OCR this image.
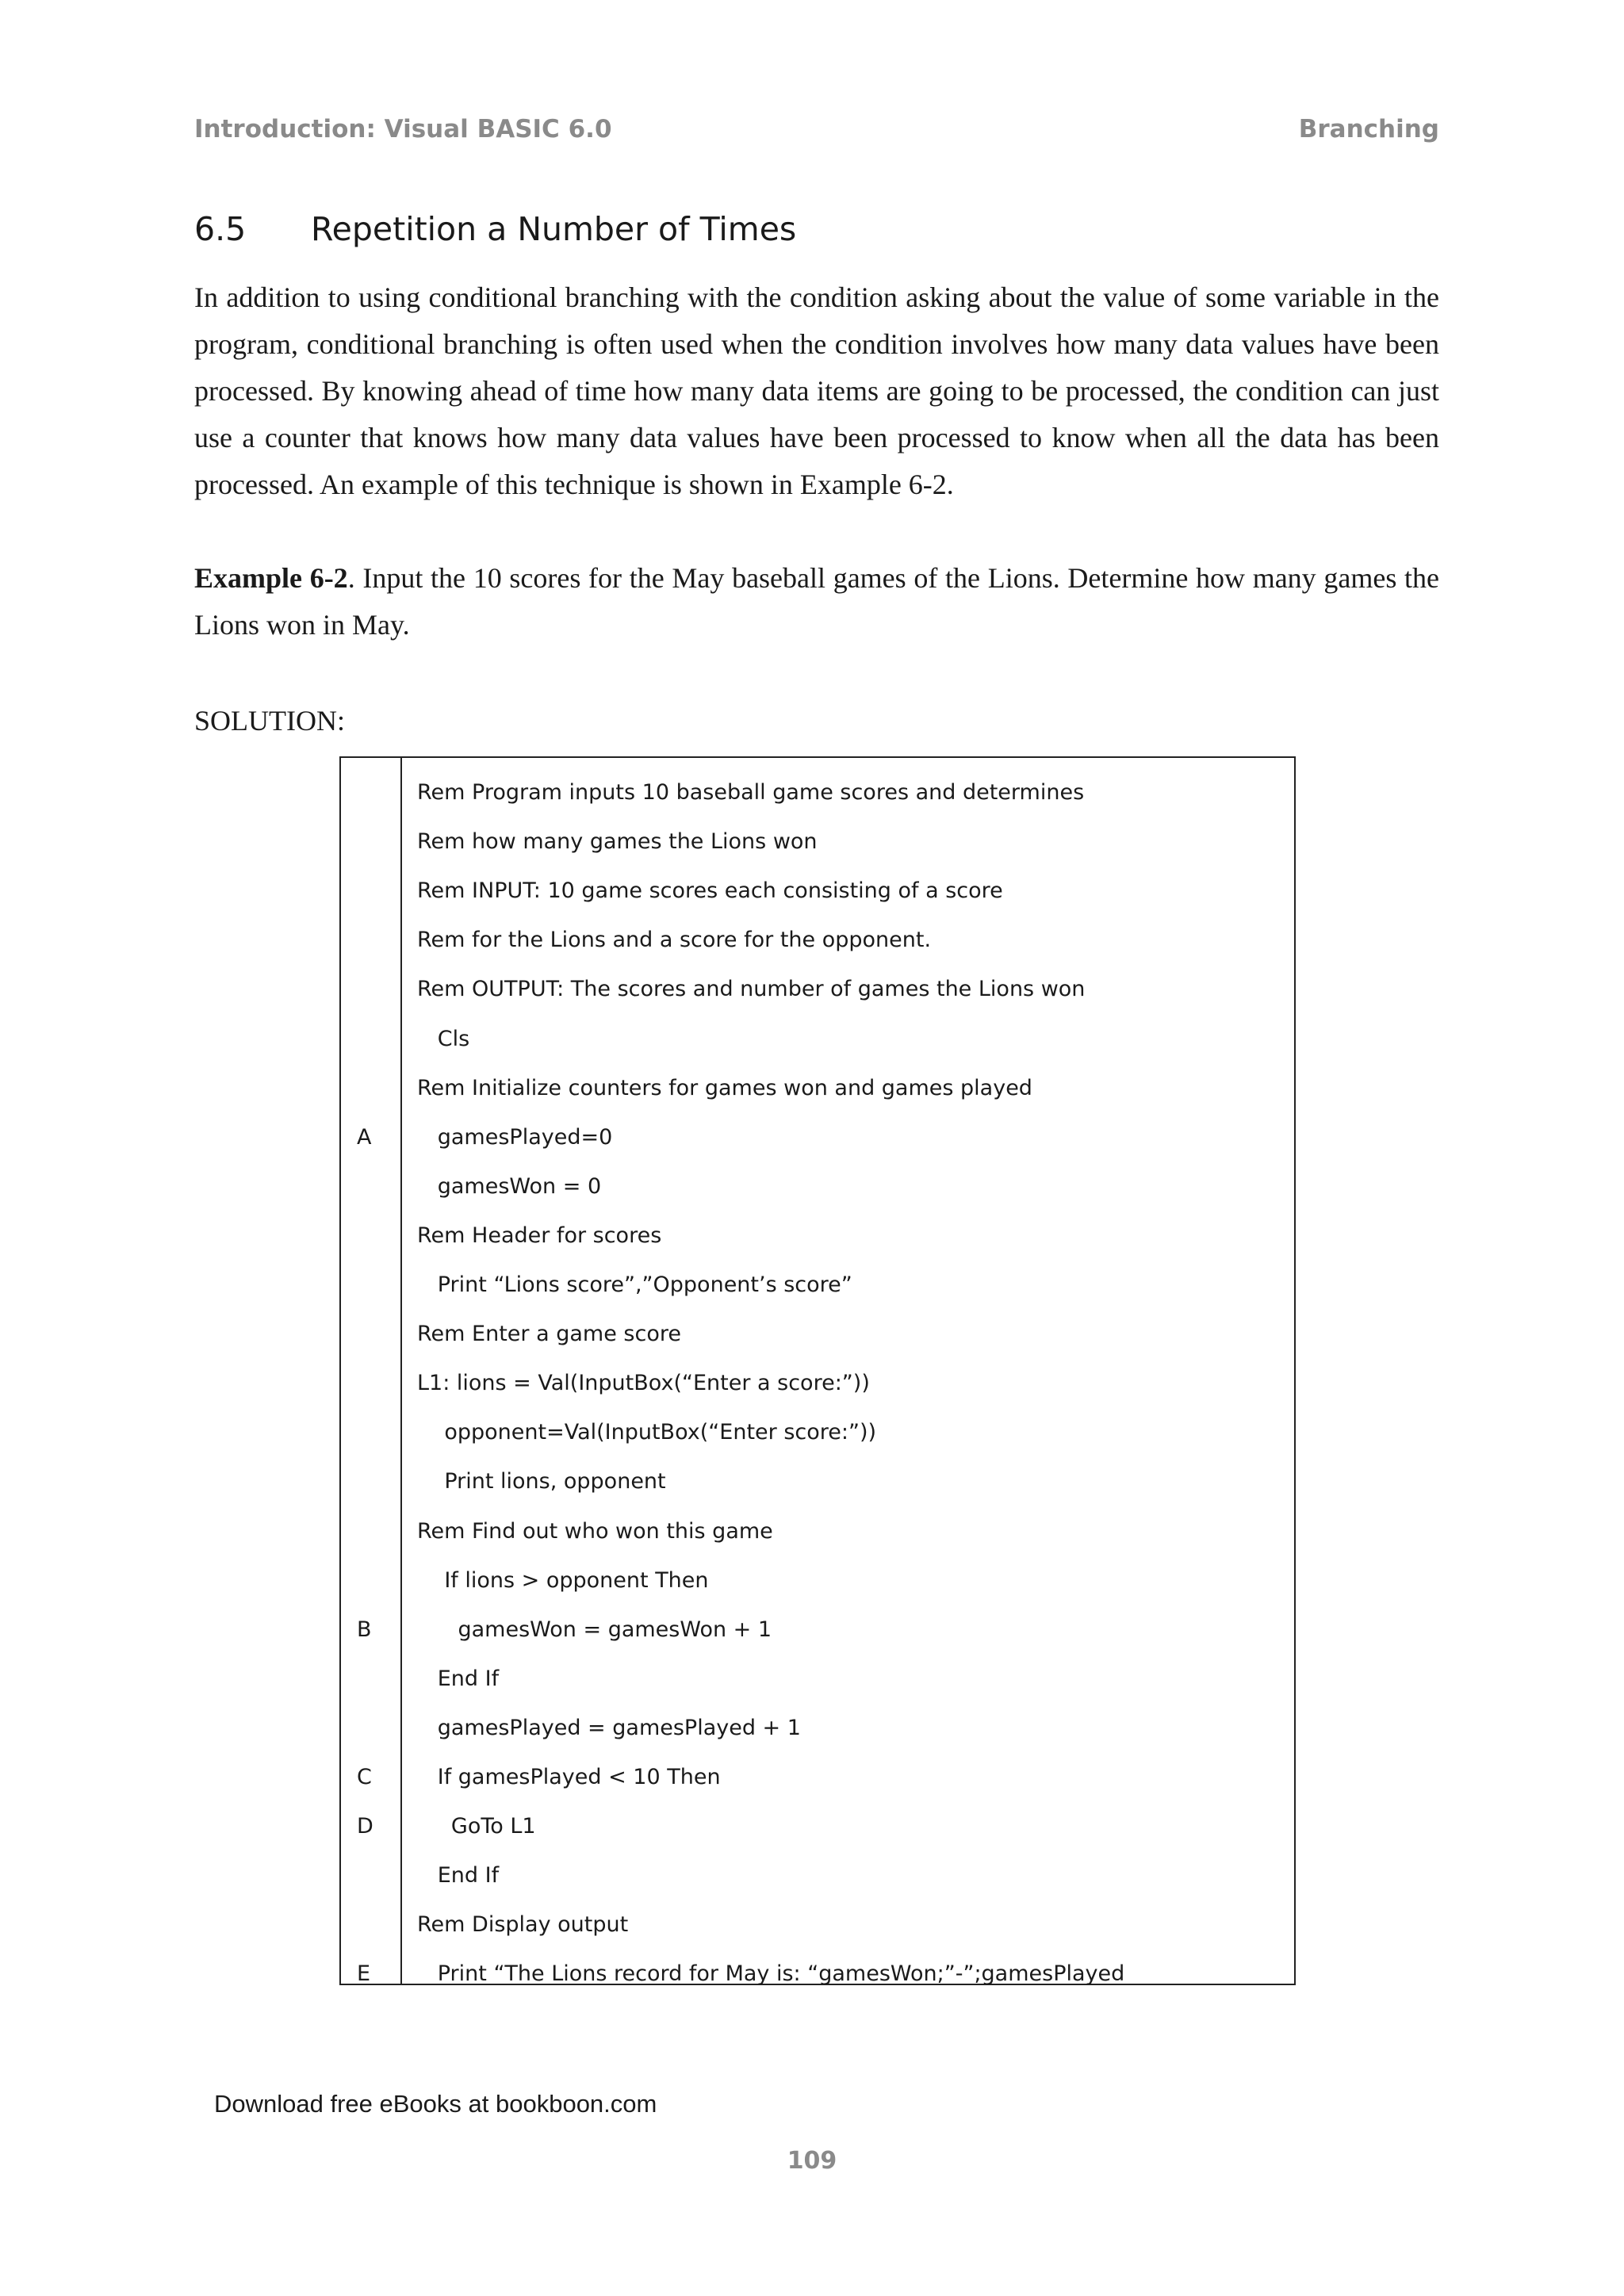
Introduction: Visual BASIC 6.0	Branching
6.5 Repetition a Number of Times

In addition to using conditional branching with the condition asking about the value of some variable in the program, conditional branching is often used when the condition involves how many data values have been processed. By knowing ahead of time how many data items are going to be processed, the condition can just use a counter that knows how many data values have been processed to know when all the data has been processed. An example of this technique is shown in Example 6-2.

Example 6-2. Input the 10 scores for the May baseball games of the Lions. Determine how many games the Lions won in May.

SOLUTION:
Rem Program inputs 10 baseball game scores and determines
Rem how many games the Lions won
Rem INPUT: 10 game scores each consisting of a score
Rem for the Lions and a score for the opponent.
Rem OUTPUT: The scores and number of games the Lions won
Cls
Rem Initialize counters for games won and games played
A gamesPlayed=0
gamesWon = 0
Rem Header for scores
Print “Lions score”,”Opponent’s score”
Rem Enter a game score
L1: lions = Val(InputBox(“Enter a score:”))
opponent=Val(InputBox(“Enter score:”))
Print lions, opponent
Rem Find out who won this game
If lions > opponent Then
B gamesWon = gamesWon + 1
End If
gamesPlayed = gamesPlayed + 1
C If gamesPlayed < 10 Then
D GoTo L1
End If
Rem Display output
E Print “The Lions record for May is: “gamesWon;”-”;gamesPlayed
Download free eBooks at bookboon.com
109
